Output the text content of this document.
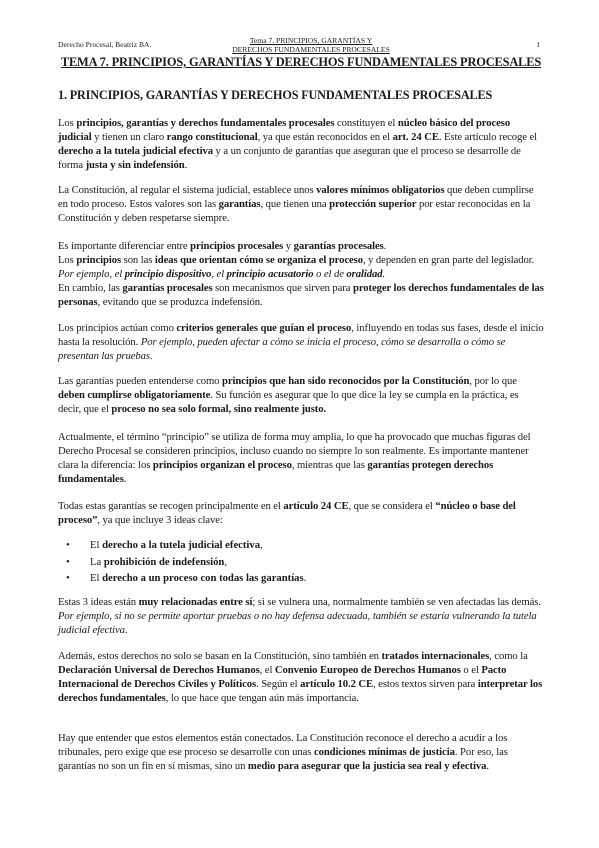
Derecho Procesal, Beatriz BA.	Tema 7. PRINCIPIOS, GARANTÍAS Y
DERECHOS FUNDAMENTALES PROCESALES
1
TEMA 7. PRINCIPIOS, GARANTÍAS Y DERECHOS FUNDAMENTALES PROCESALES
1. PRINCIPIOS, GARANTÍAS Y DERECHOS FUNDAMENTALES PROCESALES

Los principios, garantías y derechos fundamentales procesales constituyen el núcleo básico del proceso judicial y tienen un claro rango constitucional, ya que están reconocidos en el art. 24 CE. Este artículo recoge el derecho a la tutela judicial efectiva y a un conjunto de garantías que aseguran que el proceso se desarrolle de forma justa y sin indefensión.

La Constitución, al regular el sistema judicial, establece unos valores mínimos obligatorios que deben cumplirse en todo proceso. Estos valores son las garantías, que tienen una protección superior por estar reconocidas en la Constitución y deben respetarse siempre.

Es importante diferenciar entre principios procesales y garantías procesales.
Los principios son las ideas que orientan cómo se organiza el proceso, y dependen en gran parte del legislador. Por ejemplo, el principio dispositivo, el principio acusatorio o el de oralidad.
En cambio, las garantías procesales son mecanismos que sirven para proteger los derechos fundamentales de las personas, evitando que se produzca indefensión.

Los principios actúan como criterios generales que guían el proceso, influyendo en todas sus fases, desde el inicio hasta la resolución. Por ejemplo, pueden afectar a cómo se inicia el proceso, cómo se desarrolla o cómo se presentan las pruebas.

Las garantías pueden entenderse como principios que han sido reconocidos por la Constitución, por lo que deben cumplirse obligatoriamente. Su función es asegurar que lo que dice la ley se cumpla en la práctica, es decir, que el proceso no sea solo formal, sino realmente justo.

Actualmente, el término “principio” se utiliza de forma muy amplia, lo que ha provocado que muchas figuras del Derecho Procesal se consideren principios, incluso cuando no siempre lo son realmente. Es importante mantener clara la diferencia: los principios organizan el proceso, mientras que las garantías protegen derechos fundamentales.

Todas estas garantías se recogen principalmente en el artículo 24 CE, que se considera el “núcleo o base del proceso”, ya que incluye 3 ideas clave:

• El derecho a la tutela judicial efectiva,
• La prohibición de indefensión,
• El derecho a un proceso con todas las garantías.

Estas 3 ideas están muy relacionadas entre sí; si se vulnera una, normalmente también se ven afectadas las demás. Por ejemplo, si no se permite aportar pruebas o no hay defensa adecuada, también se estaría vulnerando la tutela judicial efectiva.

Además, estos derechos no solo se basan en la Constitución, sino también en tratados internacionales, como la Declaración Universal de Derechos Humanos, el Convenio Europeo de Derechos Humanos o el Pacto Internacional de Derechos Civiles y Políticos. Según el artículo 10.2 CE, estos textos sirven para interpretar los derechos fundamentales, lo que hace que tengan aún más importancia.

Hay que entender que estos elementos están conectados. La Constitución reconoce el derecho a acudir a los tribunales, pero exige que ese proceso se desarrolle con unas condiciones mínimas de justicia. Por eso, las garantías no son un fin en sí mismas, sino un medio para asegurar que la justicia sea real y efectiva.
